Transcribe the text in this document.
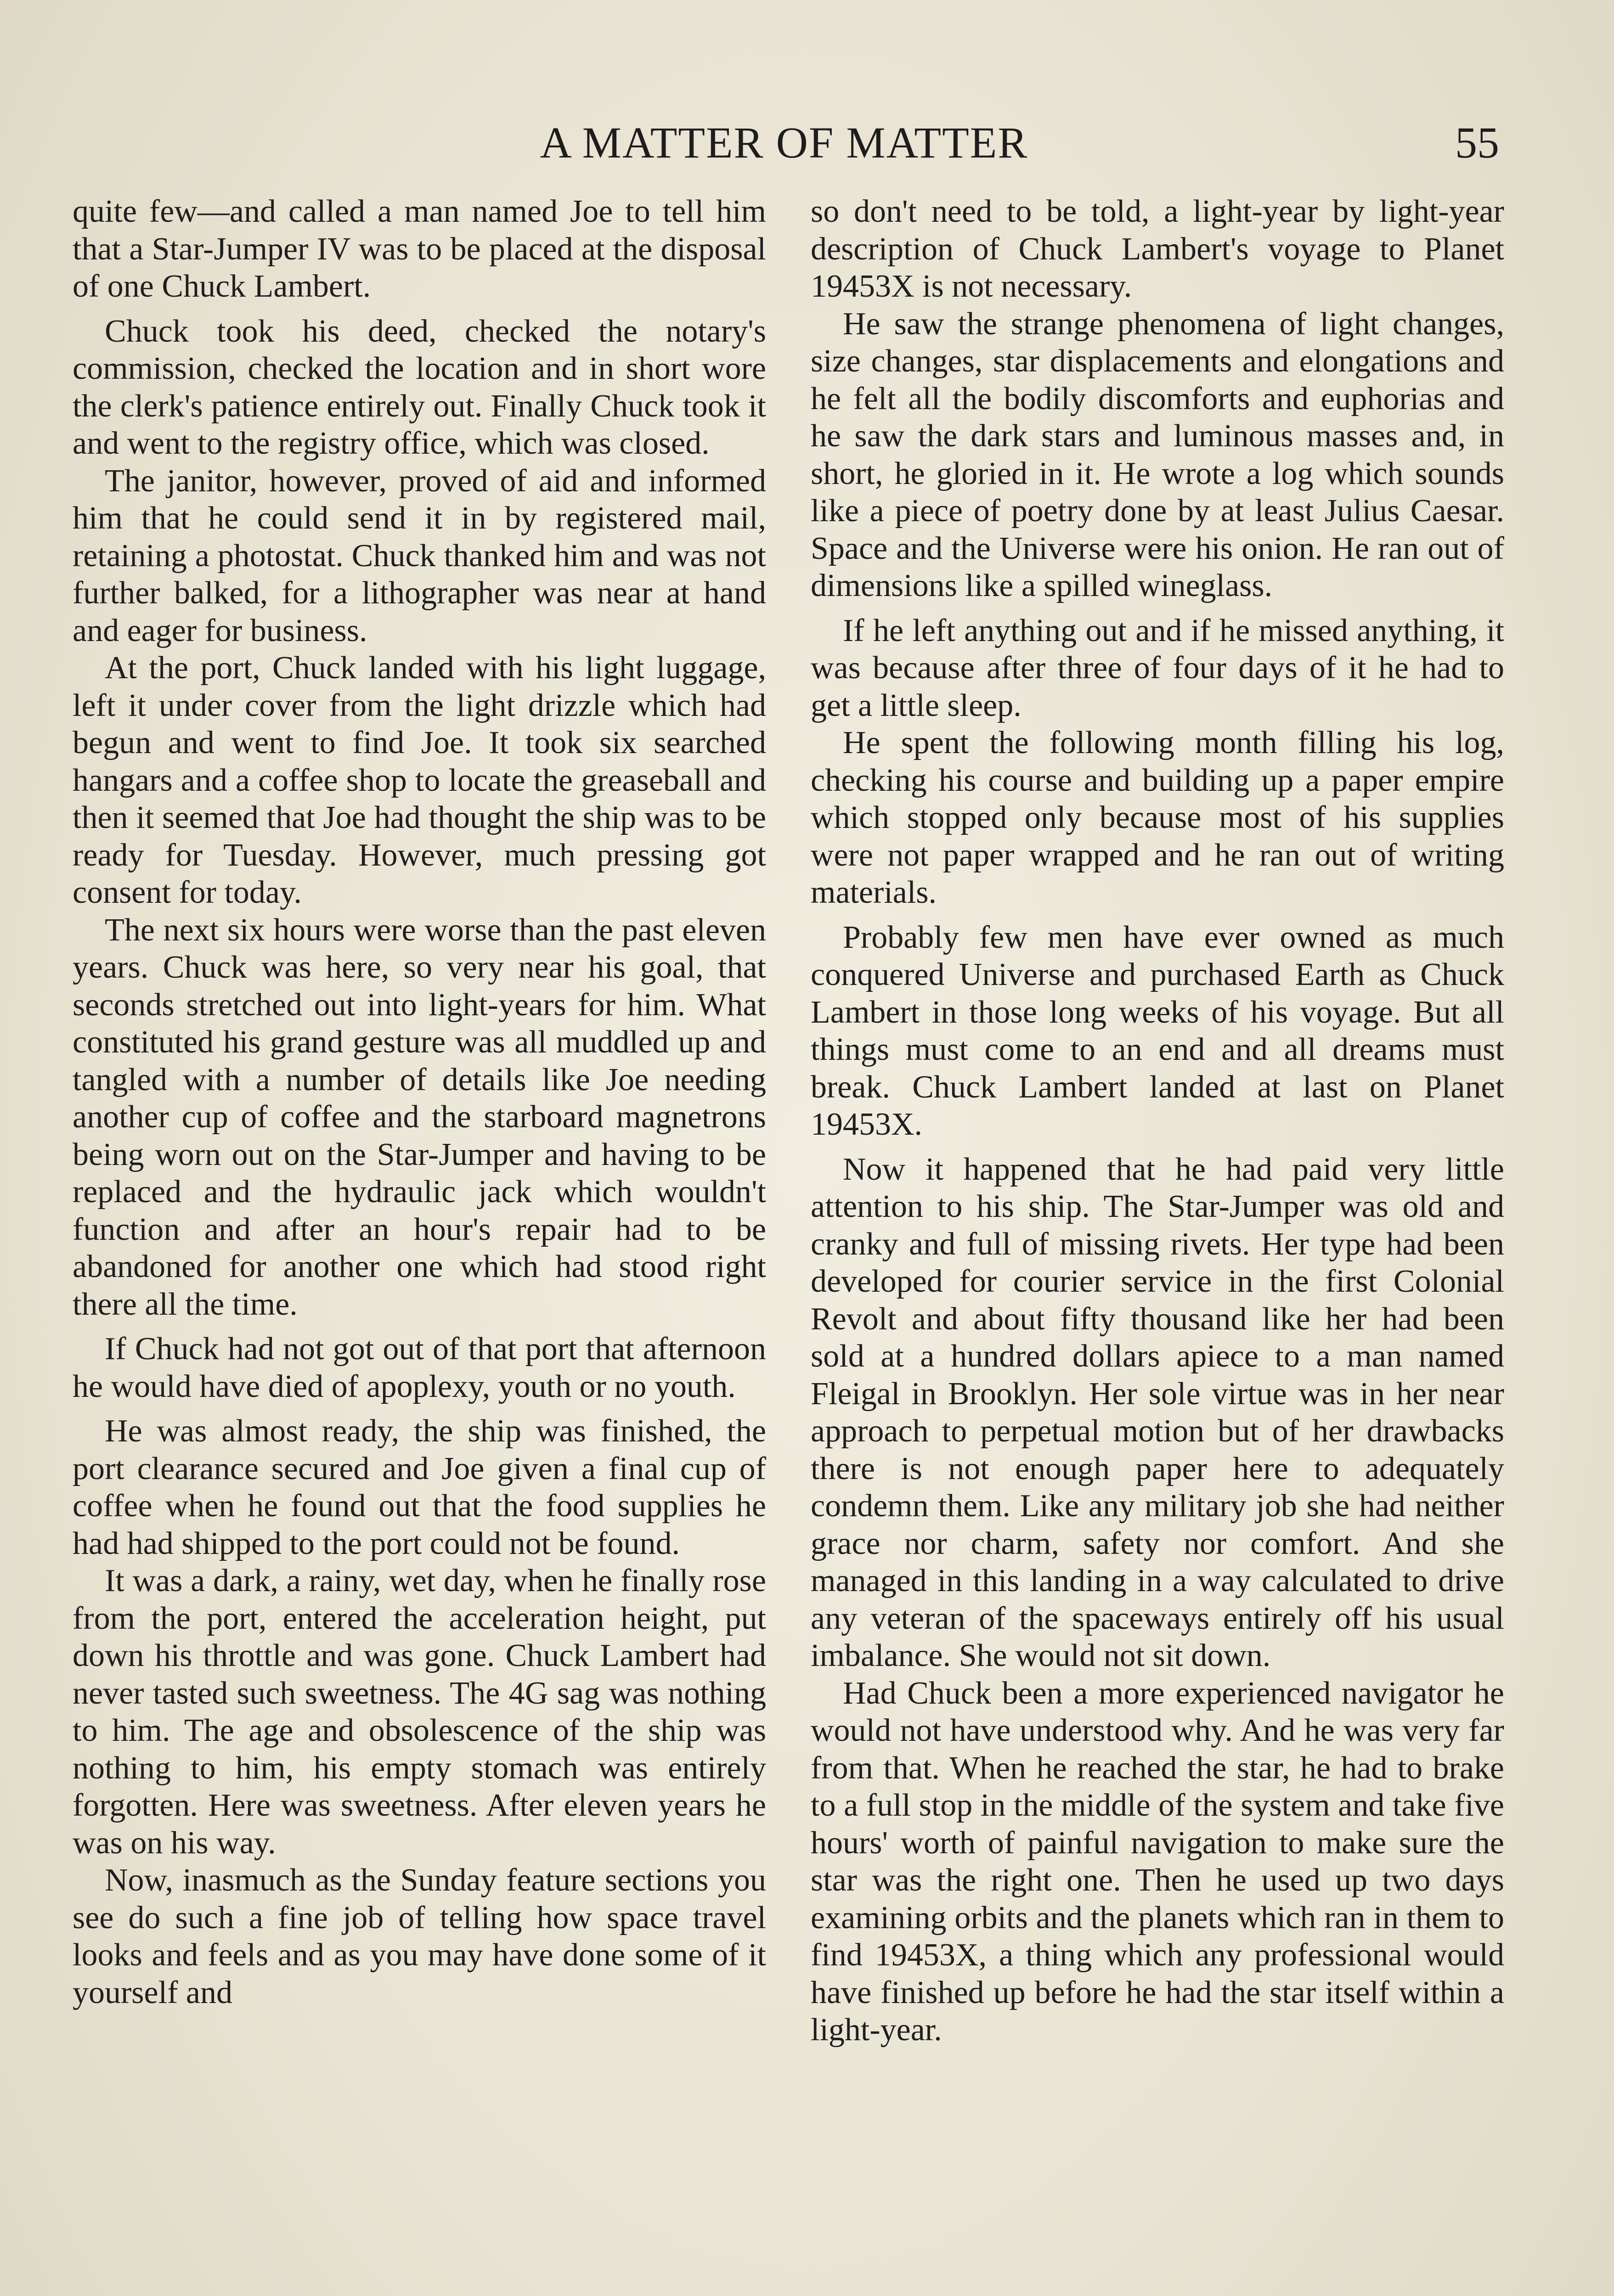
A MATTER OF MATTER	55

quite few—and called a man named Joe to tell him that a Star-Jumper IV was to be placed at the disposal of one Chuck Lambert.

Chuck took his deed, checked the notary's commission, checked the location and in short wore the clerk's patience entirely out. Finally Chuck took it and went to the registry office, which was closed.

The janitor, however, proved of aid and informed him that he could send it in by registered mail, retaining a photostat. Chuck thanked him and was not further balked, for a lithographer was near at hand and eager for business.

At the port, Chuck landed with his light luggage, left it under cover from the light drizzle which had begun and went to find Joe. It took six searched hangars and a coffee shop to locate the greaseball and then it seemed that Joe had thought the ship was to be ready for Tuesday. However, much pressing got consent for today.

The next six hours were worse than the past eleven years. Chuck was here, so very near his goal, that seconds stretched out into light-years for him. What constituted his grand gesture was all muddled up and tangled with a number of details like Joe needing another cup of coffee and the starboard magnetrons being worn out on the Star-Jumper and having to be replaced and the hydraulic jack which wouldn't function and after an hour's repair had to be abandoned for another one which had stood right there all the time.

If Chuck had not got out of that port that afternoon he would have died of apoplexy, youth or no youth.

He was almost ready, the ship was finished, the port clearance secured and Joe given a final cup of coffee when he found out that the food supplies he had had shipped to the port could not be found.

It was a dark, a rainy, wet day, when he finally rose from the port, entered the acceleration height, put down his throttle and was gone. Chuck Lambert had never tasted such sweetness. The 4G sag was nothing to him. The age and obsolescence of the ship was nothing to him, his empty stomach was entirely forgotten. Here was sweetness. After eleven years he was on his way.

Now, inasmuch as the Sunday feature sections you see do such a fine job of telling how space travel looks and feels and as you may have done some of it yourself and

so don't need to be told, a light-year by light-year description of Chuck Lambert's voyage to Planet 19453X is not necessary.

He saw the strange phenomena of light changes, size changes, star displacements and elongations and he felt all the bodily discomforts and euphorias and he saw the dark stars and luminous masses and, in short, he gloried in it. He wrote a log which sounds like a piece of poetry done by at least Julius Caesar. Space and the Universe were his onion. He ran out of dimensions like a spilled wineglass.

If he left anything out and if he missed anything, it was because after three of four days of it he had to get a little sleep.

He spent the following month filling his log, checking his course and building up a paper empire which stopped only because most of his supplies were not paper wrapped and he ran out of writing materials.

Probably few men have ever owned as much conquered Universe and purchased Earth as Chuck Lambert in those long weeks of his voyage. But all things must come to an end and all dreams must break. Chuck Lambert landed at last on Planet 19453X.

Now it happened that he had paid very little attention to his ship. The Star-Jumper was old and cranky and full of missing rivets. Her type had been developed for courier service in the first Colonial Revolt and about fifty thousand like her had been sold at a hundred dollars apiece to a man named Fleigal in Brooklyn. Her sole virtue was in her near approach to perpetual motion but of her drawbacks there is not enough paper here to adequately condemn them. Like any military job she had neither grace nor charm, safety nor comfort. And she managed in this landing in a way calculated to drive any veteran of the spaceways entirely off his usual imbalance. She would not sit down.

Had Chuck been a more experienced navigator he would not have understood why. And he was very far from that. When he reached the star, he had to brake to a full stop in the middle of the system and take five hours' worth of painful navigation to make sure the star was the right one. Then he used up two days examining orbits and the planets which ran in them to find 19453X, a thing which any professional would have finished up before he had the star itself within a light-year.
